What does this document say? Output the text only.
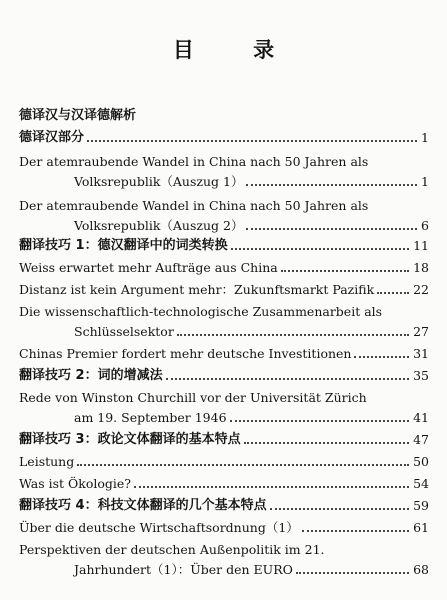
目 录
德译汉与汉译德解析
德译汉部分	1
Der atemraubende Wandel in China nach 50 Jahren als
Volksrepublik（Auszug 1）	1
Der atemraubende Wandel in China nach 50 Jahren als
Volksrepublik（Auszug 2）	6
翻译技巧 1：德汉翻译中的词类转换	11
Weiss erwartet mehr Aufträge aus China	18
Distanz ist kein Argument mehr：Zukunftsmarkt Pazifik	22
Die wissenschaftlich-technologische Zusammenarbeit als
Schlüsselsektor	27
Chinas Premier fordert mehr deutsche Investitionen	31
翻译技巧 2：词的增减法	35
Rede von Winston Churchill vor der Universität Zürich
am 19. September 1946	41
翻译技巧 3：政论文体翻译的基本特点	47
Leistung	50
Was ist Ökologie?	54
翻译技巧 4：科技文体翻译的几个基本特点	59
Über die deutsche Wirtschaftsordnung（1）	61
Perspektiven der deutschen Außenpolitik im 21.
Jahrhundert（1）：Über den EURO	68
